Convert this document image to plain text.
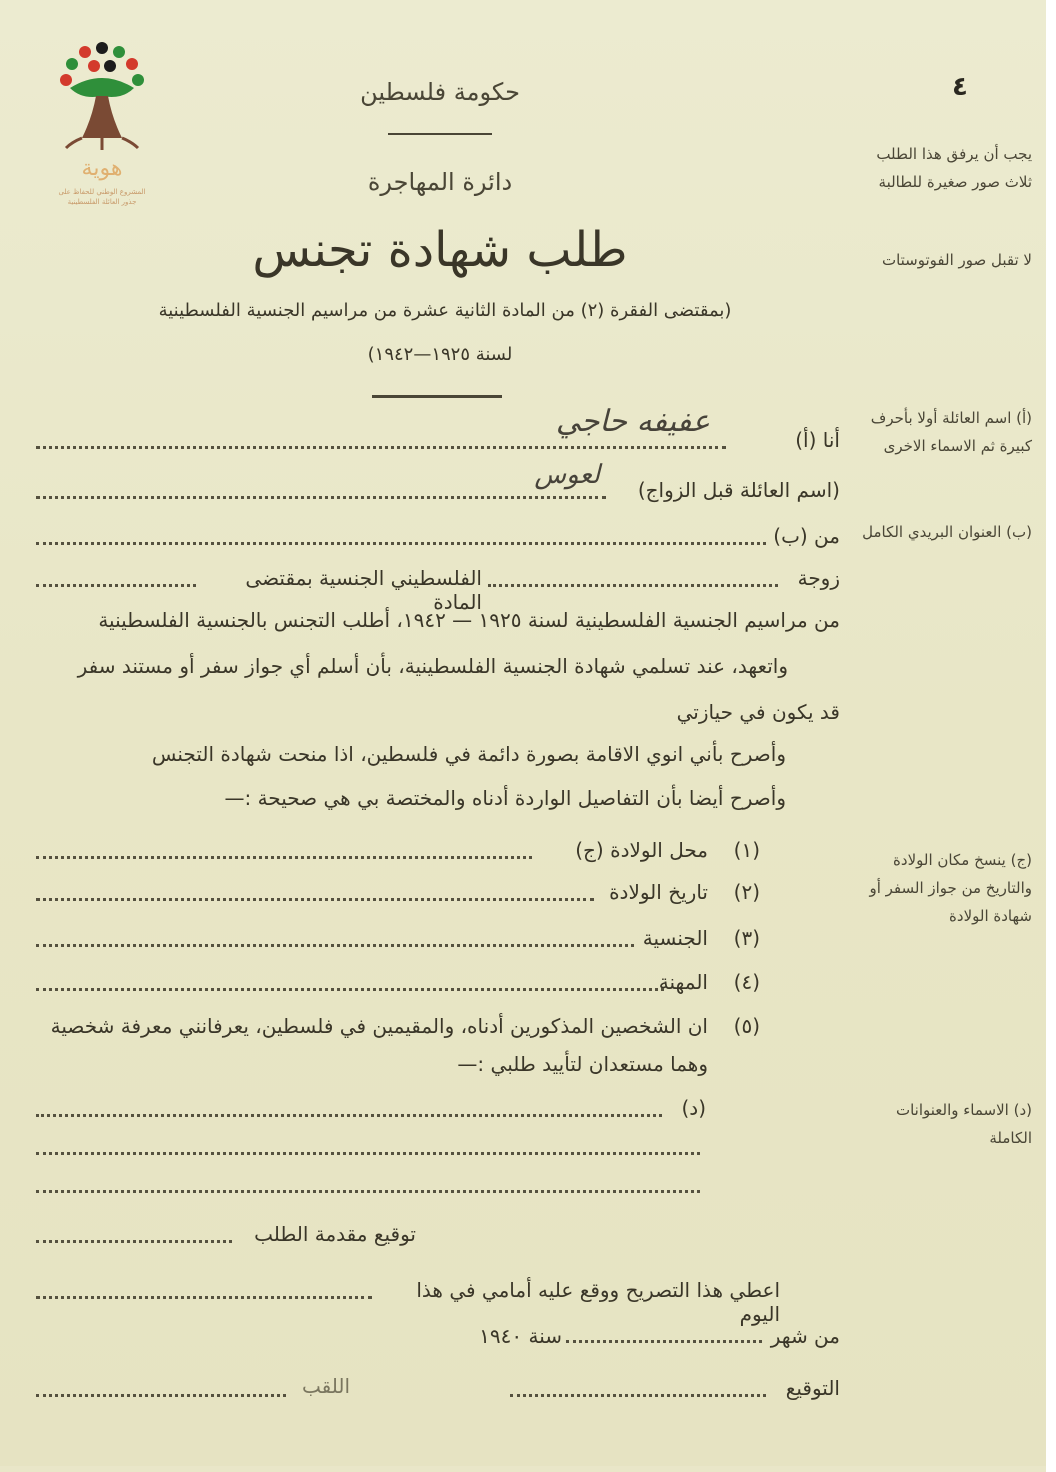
هوية
المشروع الوطني للحفاظ على
جذور العائلة الفلسطينية
حكومة فلسطين
دائرة المهاجرة
طلب شهادة تجنس
(بمقتضى الفقرة (٢) من المادة الثانية عشرة من مراسيم الجنسية الفلسطينية
لسنة ١٩٢٥—١٩٤٢)
٤
يجب أن يرفق هذا الطلب ثلاث صور صغيرة للطالبة
لا تقبل صور الفوتوستات
(أ) اسم العائلة أولا بأحرف كبيرة ثم الاسماء الاخرى
(ب) العنوان البريدي الكامل
(ج) ينسخ مكان الولادة والتاريخ من جواز السفر أو شهادة الولادة
(د) الاسماء والعنوانات الكاملة
أنا (أ)
عفيفه حاجي
(اسم العائلة قبل الزواج)
لعوس
من (ب)
زوجة
الفلسطيني الجنسية بمقتضى المادة
من مراسيم الجنسية الفلسطينية لسنة ١٩٢٥ — ١٩٤٢، أطلب التجنس بالجنسية الفلسطينية
واتعهد، عند تسلمي شهادة الجنسية الفلسطينية، بأن أسلم أي جواز سفر أو مستند سفر
قد يكون في حيازتي
وأصرح بأني انوي الاقامة بصورة دائمة في فلسطين، اذا منحت شهادة التجنس
وأصرح أيضا بأن التفاصيل الواردة أدناه والمختصة بي هي صحيحة :—
(١)
محل الولادة (ج)
(٢)
تاريخ الولادة
(٣)
الجنسية
(٤)
المهنة
(٥)
ان الشخصين المذكورين أدناه، والمقيمين في فلسطين، يعرفانني معرفة شخصية
وهما مستعدان لتأييد طلبي :—
(د)
توقيع مقدمة الطلب
اعطي هذا التصريح ووقع عليه أمامي في هذا اليوم
من شهر
سنة ١٩٤٠
التوقيع
اللقب
